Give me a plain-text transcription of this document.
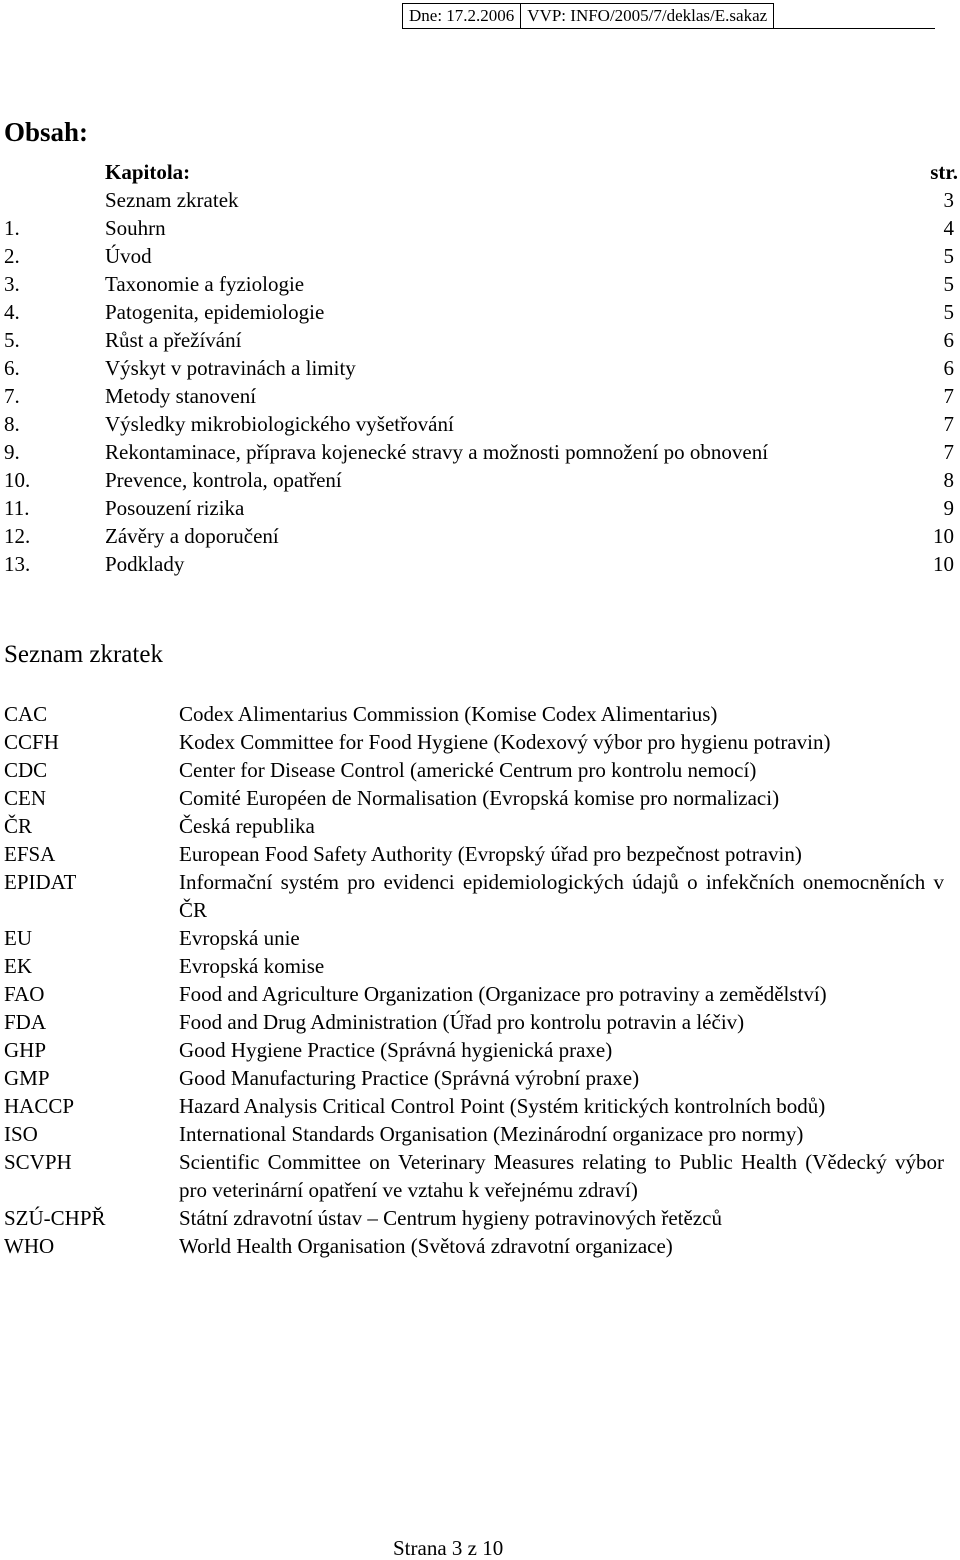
Dne: 17.2.2006 VVP: INFO/2005/7/deklas/E.sakaz
Obsah:
Kapitola:	str.
Seznam zkratek	3
1.	Souhrn	4
2.	Úvod	5
3.	Taxonomie a fyziologie	5
4.	Patogenita, epidemiologie	5
5.	Růst a přežívání	6
6.	Výskyt v potravinách a limity	6
7.	Metody stanovení	7
8.	Výsledky mikrobiologického vyšetřování	7
9.	Rekontaminace, příprava kojenecké stravy a možnosti pomnožení po obnovení	7
10.	Prevence, kontrola, opatření	8
11.	Posouzení rizika	9
12.	Závěry a doporučení	10
13.	Podklady	10
Seznam zkratek
CAC	Codex Alimentarius Commission (Komise Codex Alimentarius)
CCFH	Kodex Committee for Food Hygiene (Kodexový výbor pro hygienu potravin)
CDC	Center for Disease Control (americké Centrum pro kontrolu nemocí)
CEN	Comité Européen de Normalisation (Evropská komise pro normalizaci)
ČR	Česká republika
EFSA	European Food Safety Authority (Evropský úřad pro bezpečnost potravin)
EPIDAT	Informační systém pro evidenci epidemiologických údajů o infekčních onemocněních v ČR
EU	Evropská unie
EK	Evropská komise
FAO	Food and Agriculture Organization (Organizace pro potraviny a zemědělství)
FDA	Food and Drug Administration (Úřad pro kontrolu potravin a léčiv)
GHP	Good Hygiene Practice (Správná hygienická praxe)
GMP	Good Manufacturing Practice (Správná výrobní praxe)
HACCP	Hazard Analysis Critical Control Point (Systém kritických kontrolních bodů)
ISO	International Standards Organisation (Mezinárodní organizace pro normy)
SCVPH	Scientific Committee on Veterinary Measures relating to Public Health (Vědecký výbor pro veterinární opatření ve vztahu k veřejnému zdraví)
SZÚ-CHPŘ	Státní zdravotní ústav – Centrum hygieny potravinových řetězců
WHO	World Health Organisation (Světová zdravotní organizace)
Strana 3 z 10
